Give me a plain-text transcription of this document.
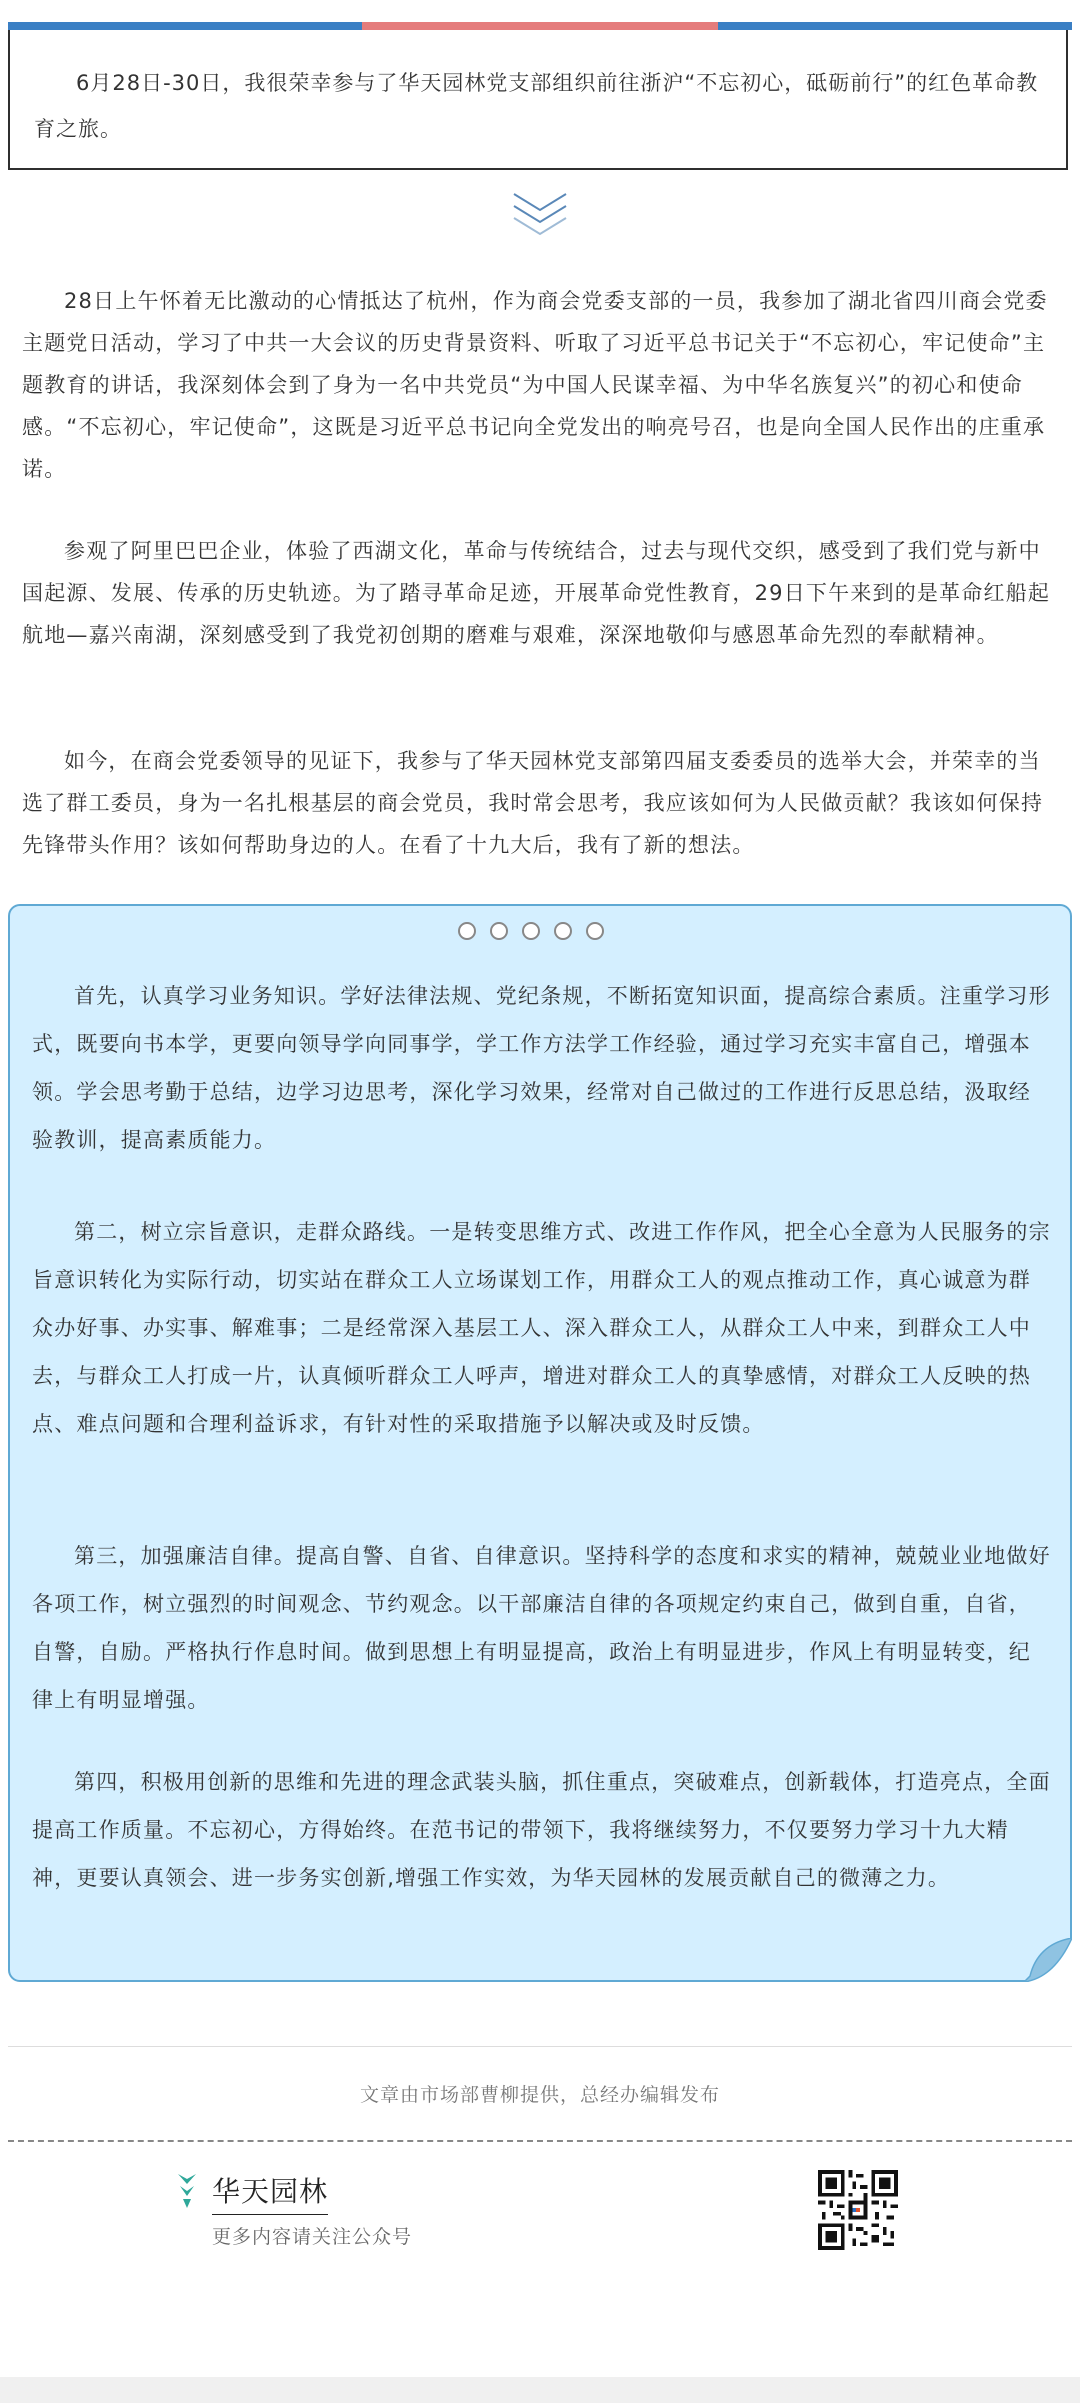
6月28日-30日，我很荣幸参与了华天园林党支部组织前往浙沪“不忘初心，砥砺前行”的红色革命教育之旅。

28日上午怀着无比激动的心情抵达了杭州，作为商会党委支部的一员，我参加了湖北省四川商会党委主题党日活动，学习了中共一大会议的历史背景资料、听取了习近平总书记关于“不忘初心，牢记使命”主题教育的讲话，我深刻体会到了身为一名中共党员“为中国人民谋幸福、为中华名族复兴”的初心和使命感。“不忘初心，牢记使命”，这既是习近平总书记向全党发出的响亮号召，也是向全国人民作出的庄重承诺。

参观了阿里巴巴企业，体验了西湖文化，革命与传统结合，过去与现代交织，感受到了我们党与新中国起源、发展、传承的历史轨迹。为了踏寻革命足迹，开展革命党性教育，29日下午来到的是革命红船起航地—嘉兴南湖，深刻感受到了我党初创期的磨难与艰难，深深地敬仰与感恩革命先烈的奉献精神。

如今，在商会党委领导的见证下，我参与了华天园林党支部第四届支委委员的选举大会，并荣幸的当选了群工委员，身为一名扎根基层的商会党员，我时常会思考，我应该如何为人民做贡献？我该如何保持先锋带头作用？该如何帮助身边的人。在看了十九大后，我有了新的想法。

首先，认真学习业务知识。学好法律法规、党纪条规，不断拓宽知识面，提高综合素质。注重学习形式，既要向书本学，更要向领导学向同事学，学工作方法学工作经验，通过学习充实丰富自己，增强本领。学会思考勤于总结，边学习边思考，深化学习效果，经常对自己做过的工作进行反思总结，汲取经验教训，提高素质能力。

第二，树立宗旨意识，走群众路线。一是转变思维方式、改进工作作风，把全心全意为人民服务的宗旨意识转化为实际行动，切实站在群众工人立场谋划工作，用群众工人的观点推动工作，真心诚意为群众办好事、办实事、解难事；二是经常深入基层工人、深入群众工人，从群众工人中来，到群众工人中去，与群众工人打成一片，认真倾听群众工人呼声，增进对群众工人的真挚感情，对群众工人反映的热点、难点问题和合理利益诉求，有针对性的采取措施予以解决或及时反馈。

第三，加强廉洁自律。提高自警、自省、自律意识。坚持科学的态度和求实的精神，兢兢业业地做好各项工作，树立强烈的时间观念、节约观念。以干部廉洁自律的各项规定约束自己，做到自重，自省，自警，自励。严格执行作息时间。做到思想上有明显提高，政治上有明显进步，作风上有明显转变，纪律上有明显增强。

第四，积极用创新的思维和先进的理念武装头脑，抓住重点，突破难点，创新载体，打造亮点，全面提高工作质量。不忘初心，方得始终。在范书记的带领下，我将继续努力，不仅要努力学习十九大精神，更要认真领会、进一步务实创新,增强工作实效，为华天园林的发展贡献自己的微薄之力。

文章由市场部曹柳提供，总经办编辑发布
华天园林
更多内容请关注公众号
